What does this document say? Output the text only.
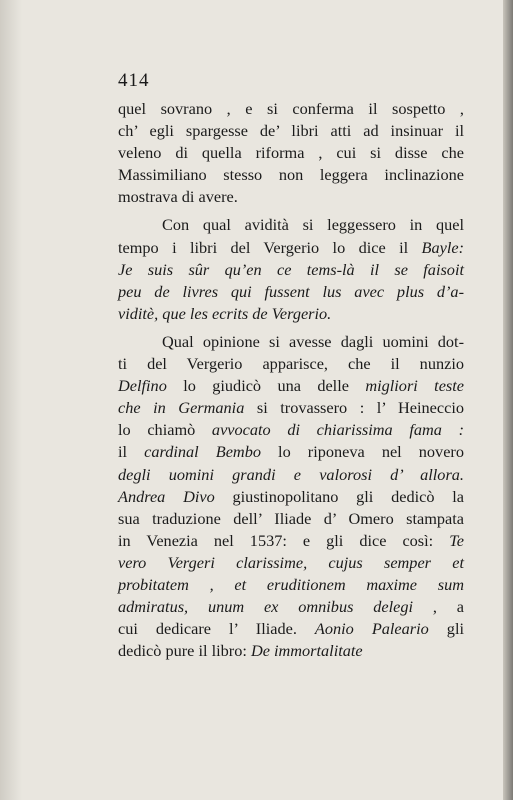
414
quel sovrano , e si conferma il sospetto ,
ch’ egli spargesse de’ libri atti ad insinuar il
veleno di quella riforma , cui si disse che
Massimiliano stesso non leggera inclinazione
mostrava di avere.
Con qual avidità si leggessero in quel
tempo i libri del Vergerio lo dice il Bayle:
Je suis sûr qu’en ce tems-là il se faisoit
peu de livres qui fussent lus avec plus d’a-
viditè, que les ecrits de Vergerio.
Qual opinione si avesse dagli uomini dot-
ti del Vergerio apparisce, che il nunzio
Delfino lo giudicò una delle migliori teste
che in Germania si trovassero : l’ Heineccio
lo chiamò avvocato di chiarissima fama :
il cardinal Bembo lo riponeva nel novero
degli uomini grandi e valorosi d’ allora.
Andrea Divo giustinopolitano gli dedicò la
sua traduzione dell’ Iliade d’ Omero stampata
in Venezia nel 1537: e gli dice così: Te
vero Vergeri clarissime, cujus semper et
probitatem , et eruditionem maxime sum
admiratus, unum ex omnibus delegi , a
cui dedicare l’ Iliade. Aonio Paleario gli
dedicò pure il libro: De immortalitate
